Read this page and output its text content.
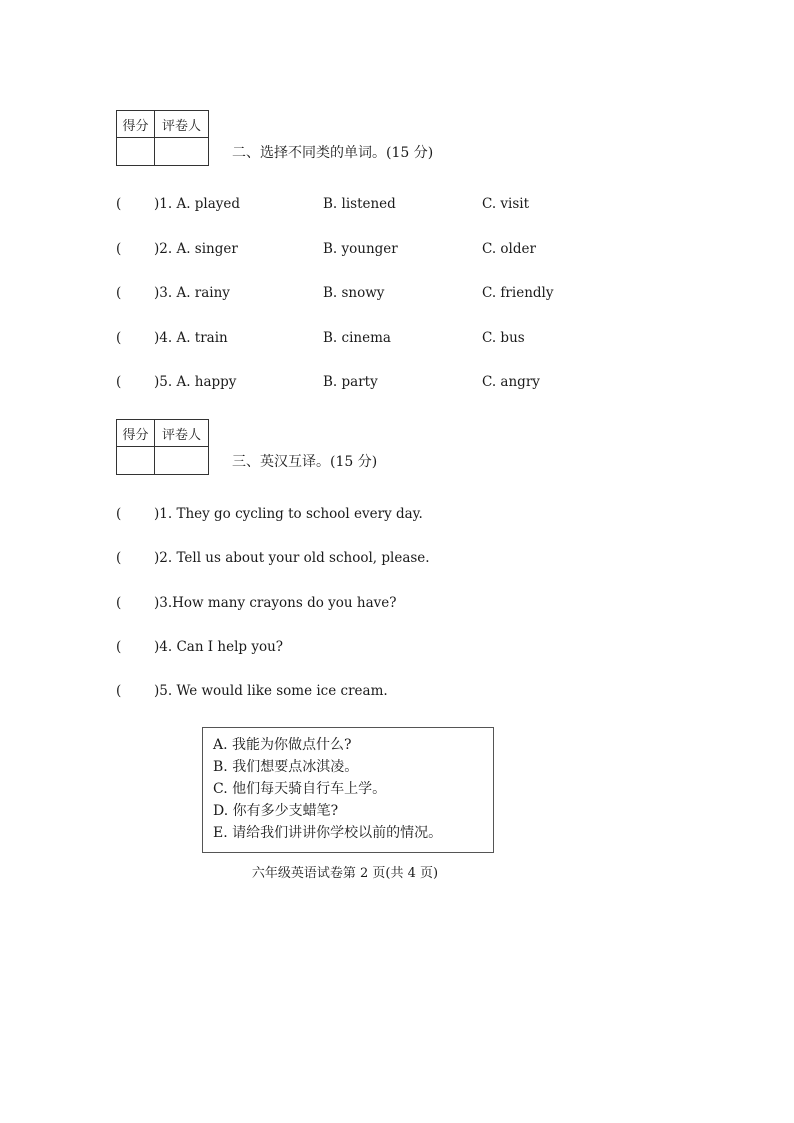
得分	评卷人
二、选择不同类的单词。(15 分)
( )1. A. played	B. listened	C. visit
( )2. A. singer	B. younger	C. older
( )3. A. rainy	B. snowy	C. friendly
( )4. A. train	B. cinema	C. bus
( )5. A. happy	B. party	C. angry
得分	评卷人
三、英汉互译。(15 分)
( )1. They go cycling to school every day.
( )2. Tell us about your old school, please.
( )3.How many crayons do you have?
( )4. Can I help you?
( )5. We would like some ice cream.
A. 我能为你做点什么?
B. 我们想要点冰淇凌。
C. 他们每天骑自行车上学。
D. 你有多少支蜡笔?
E. 请给我们讲讲你学校以前的情况。
六年级英语试卷第 2 页(共 4 页)
